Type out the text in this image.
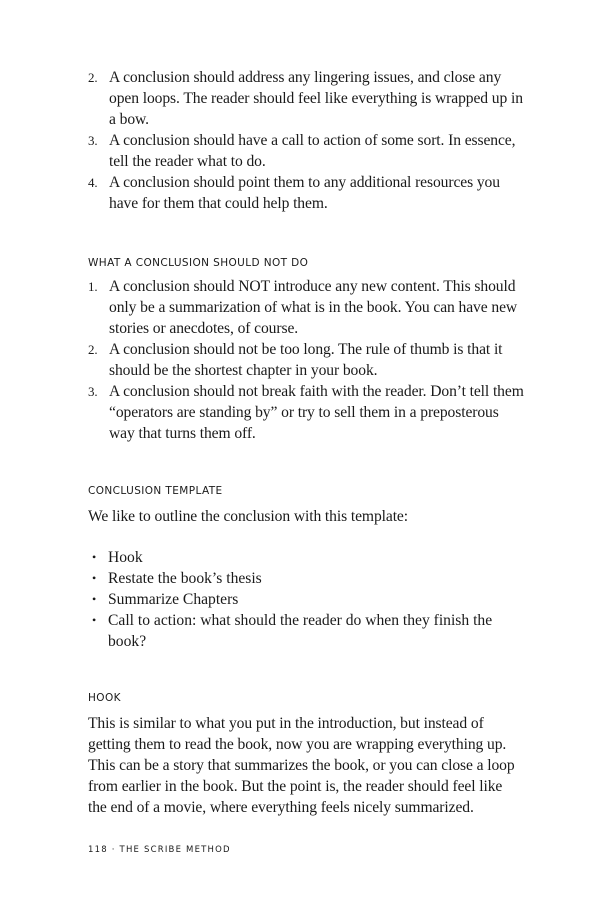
2. A conclusion should address any lingering issues, and close any open loops. The reader should feel like everything is wrapped up in a bow.
3. A conclusion should have a call to action of some sort. In essence, tell the reader what to do.
4. A conclusion should point them to any additional resources you have for them that could help them.
WHAT A CONCLUSION SHOULD NOT DO
1. A conclusion should NOT introduce any new content. This should only be a summarization of what is in the book. You can have new stories or anecdotes, of course.
2. A conclusion should not be too long. The rule of thumb is that it should be the shortest chapter in your book.
3. A conclusion should not break faith with the reader. Don’t tell them “operators are standing by” or try to sell them in a preposterous way that turns them off.
CONCLUSION TEMPLATE

We like to outline the conclusion with this template:

• Hook
• Restate the book’s thesis
• Summarize Chapters
• Call to action: what should the reader do when they finish the book?
HOOK

This is similar to what you put in the introduction, but instead of getting them to read the book, now you are wrapping everything up. This can be a story that summarizes the book, or you can close a loop from earlier in the book. But the point is, the reader should feel like the end of a movie, where everything feels nicely summarized.

118 · THE SCRIBE METHOD
